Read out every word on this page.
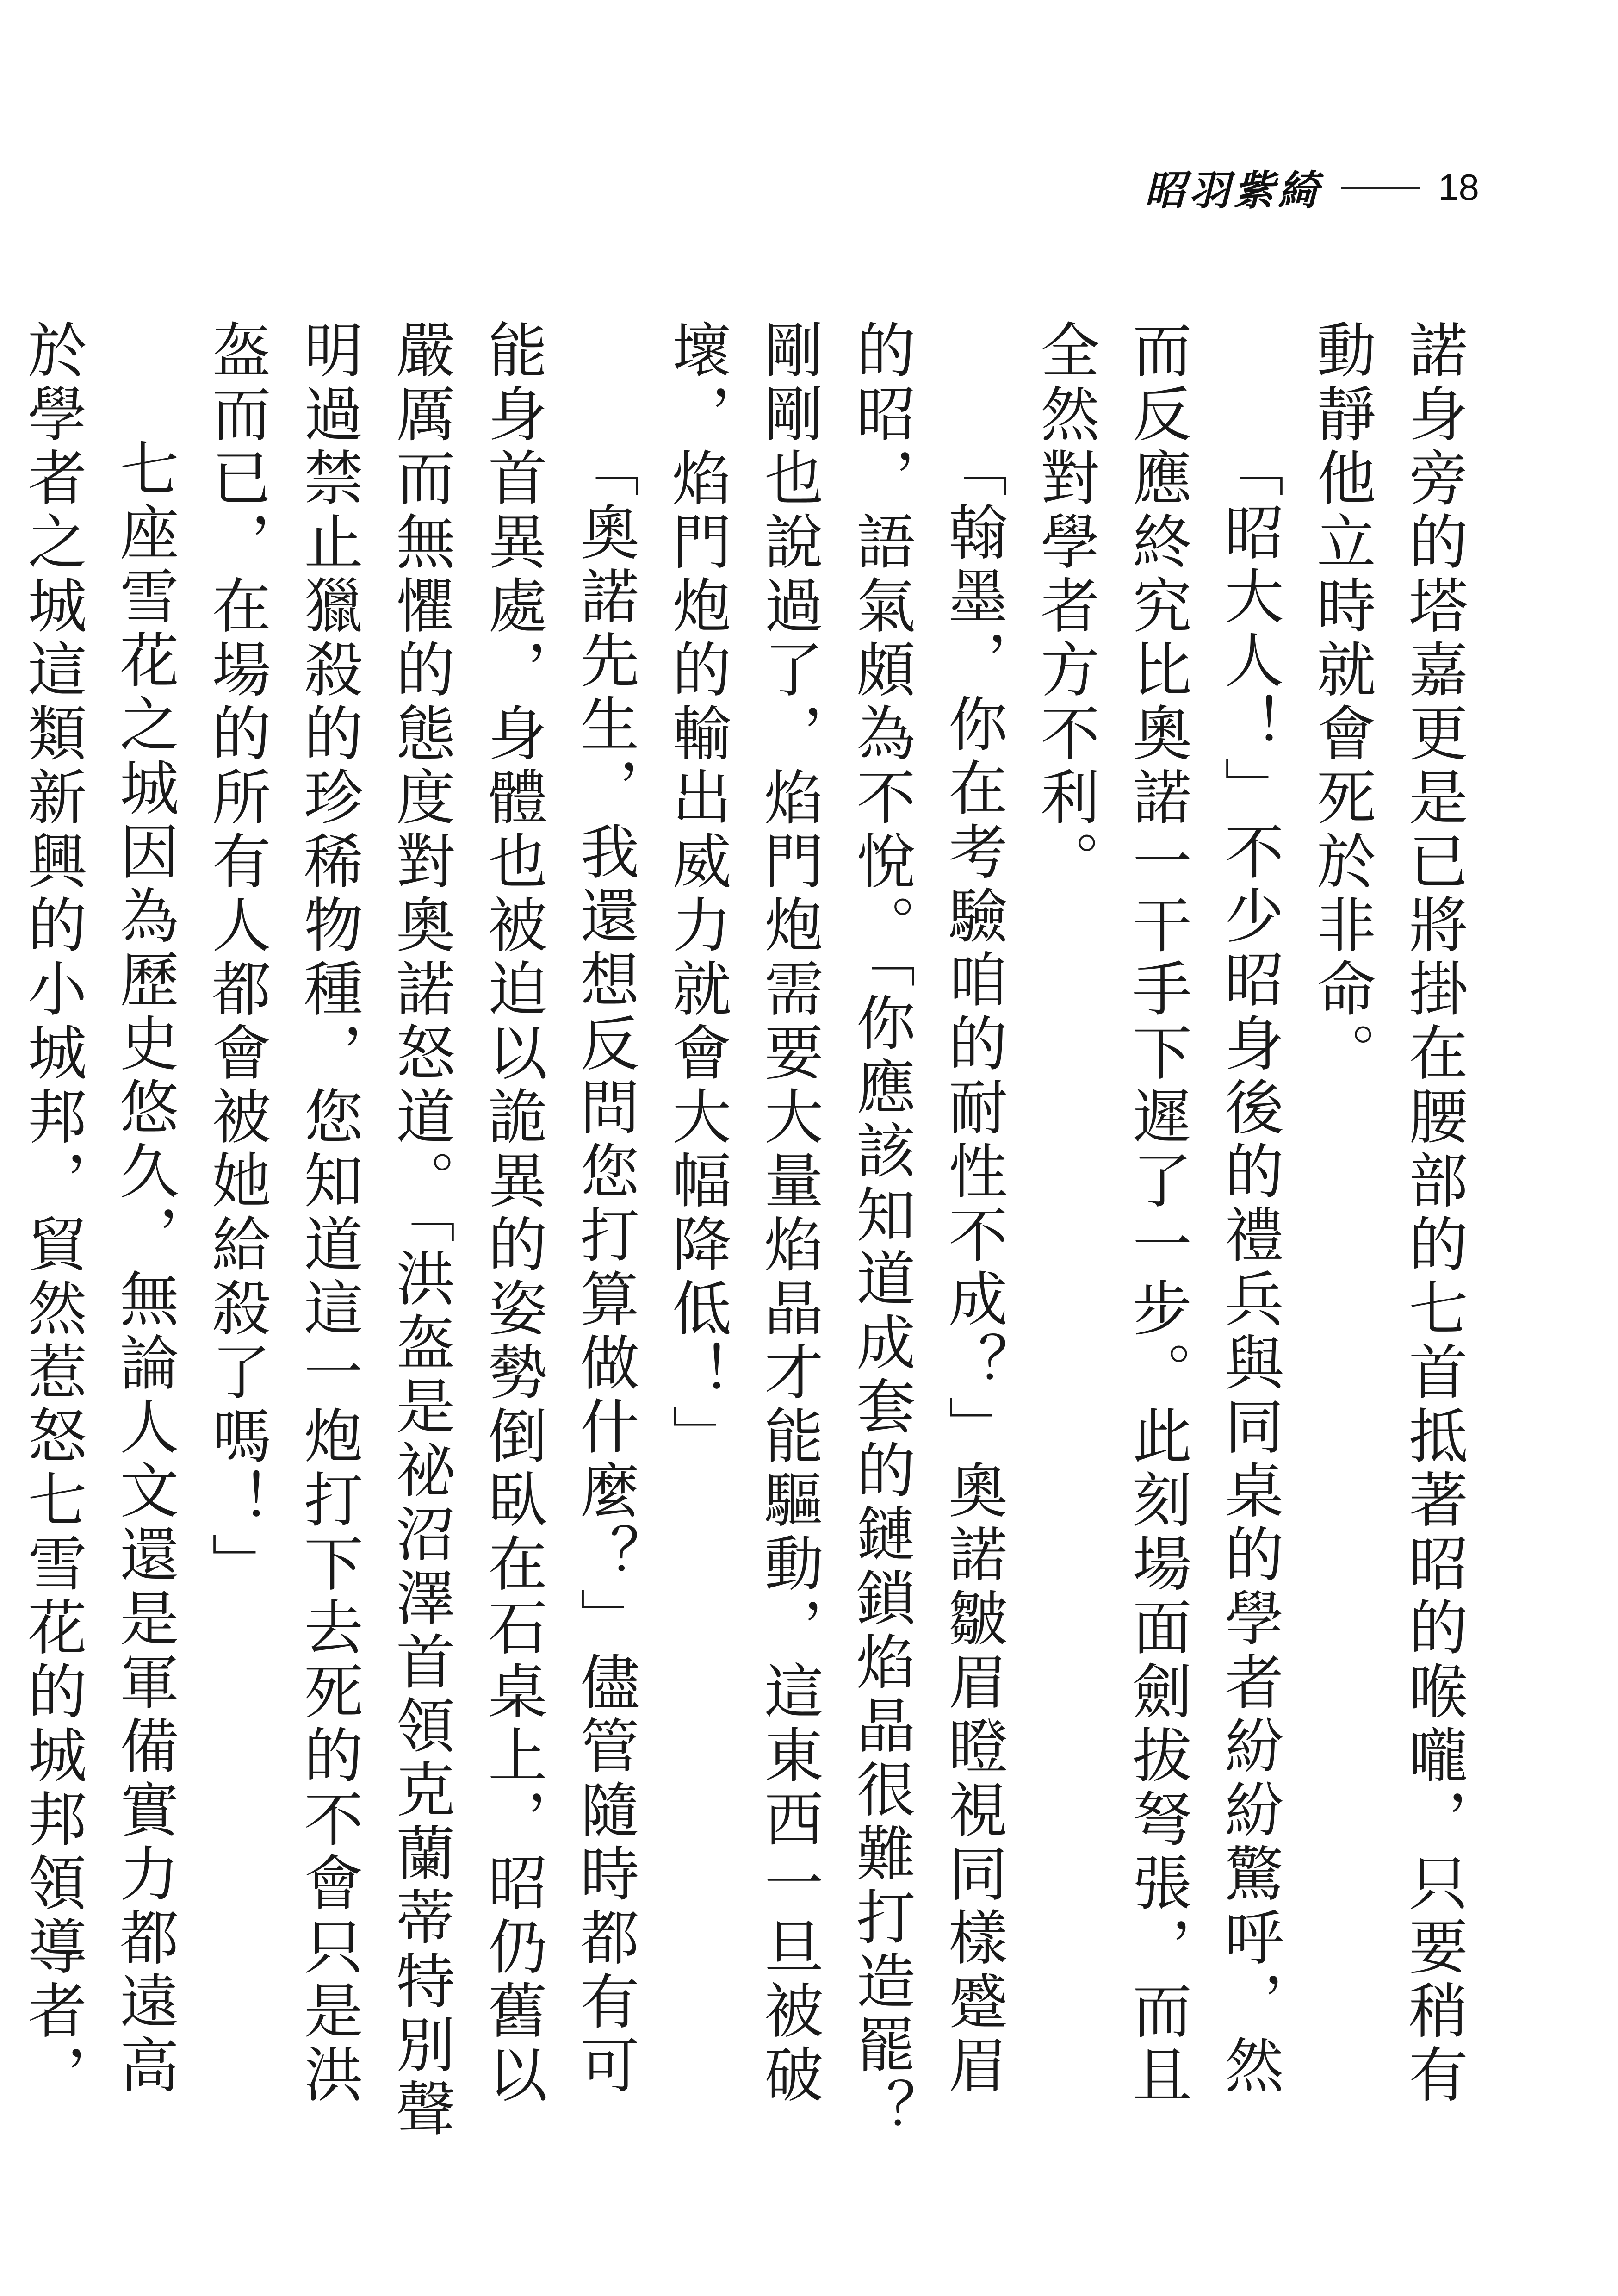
昭羽紫綺	18

諾身旁的塔嘉更是已將掛在腰部的七首抵著昭的喉嚨，只要稍有動靜他立時就會死於非命。

「昭大人！」不少昭身後的禮兵與同桌的學者紛紛驚呼，然而反應終究比奧諾一干手下遲了一步。此刻場面劍拔弩張，而且全然對學者方不利。

「翰墨，你在考驗咱的耐性不成？」奧諾皺眉瞪視同樣蹙眉的昭，語氣頗為不悅。「你應該知道成套的鏈鎖焰晶很難打造罷？剛剛也說過了，焰門炮需要大量焰晶才能驅動，這東西一旦被破壞，焰門炮的輸出威力就會大幅降低！」

「奧諾先生，我還想反問您打算做什麼？」儘管隨時都有可能身首異處，身體也被迫以詭異的姿勢倒臥在石桌上，昭仍舊以嚴厲而無懼的態度對奧諾怒道。「洪盔是祕沼澤首領克蘭蒂特別聲明過禁止獵殺的珍稀物種，您知道這一炮打下去死的不會只是洪盔而已，在場的所有人都會被她給殺了嗎！」

七座雪花之城因為歷史悠久，無論人文還是軍備實力都遠高於學者之城這類新興的小城邦，貿然惹怒七雪花的城邦領導者，
